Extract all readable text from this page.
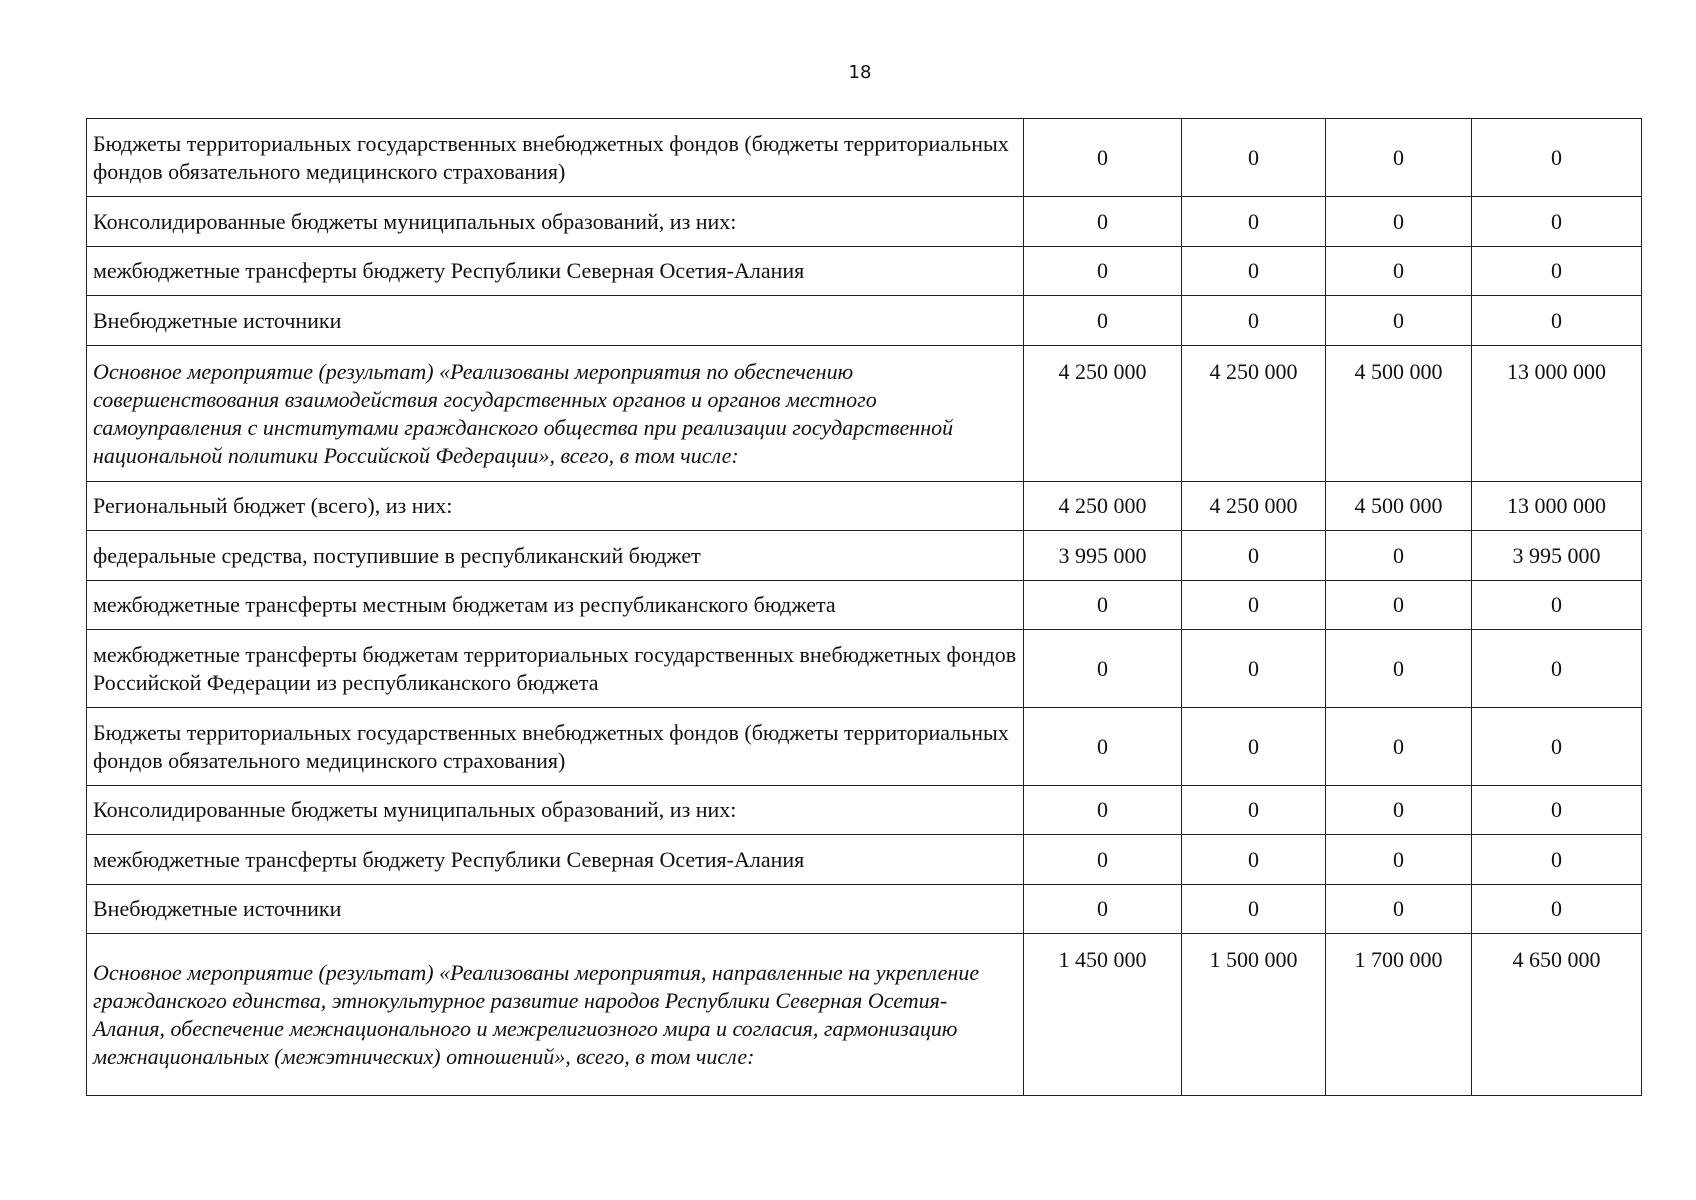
18
Бюджеты территориальных государственных внебюджетных фондов (бюджеты территориальных фондов обязательного медицинского страхования)	0	0	0	0
Консолидированные бюджеты муниципальных образований, из них:	0	0	0	0
межбюджетные трансферты бюджету Республики Северная Осетия-Алания	0	0	0	0
Внебюджетные источники	0	0	0	0
Основное мероприятие (результат) «Реализованы мероприятия по обеспечению совершенствования взаимодействия государственных органов и органов местного самоуправления с институтами гражданского общества при реализации государственной национальной политики Российской Федерации», всего, в том числе:	4 250 000	4 250 000	4 500 000	13 000 000
Региональный бюджет (всего), из них:	4 250 000	4 250 000	4 500 000	13 000 000
федеральные средства, поступившие в республиканский бюджет	3 995 000	0	0	3 995 000
межбюджетные трансферты местным бюджетам из республиканского бюджета	0	0	0	0
межбюджетные трансферты бюджетам территориальных государственных внебюджетных фондов Российской Федерации из республиканского бюджета	0	0	0	0
Бюджеты территориальных государственных внебюджетных фондов (бюджеты территориальных фондов обязательного медицинского страхования)	0	0	0	0
Консолидированные бюджеты муниципальных образований, из них:	0	0	0	0
межбюджетные трансферты бюджету Республики Северная Осетия-Алания	0	0	0	0
Внебюджетные источники	0	0	0	0
Основное мероприятие (результат) «Реализованы мероприятия, направленные на укрепление гражданского единства, этнокультурное развитие народов Республики Северная Осетия-Алания, обеспечение межнационального и межрелигиозного мира и согласия, гармонизацию межнациональных (межэтнических) отношений», всего, в том числе:	1 450 000	1 500 000	1 700 000	4 650 000
